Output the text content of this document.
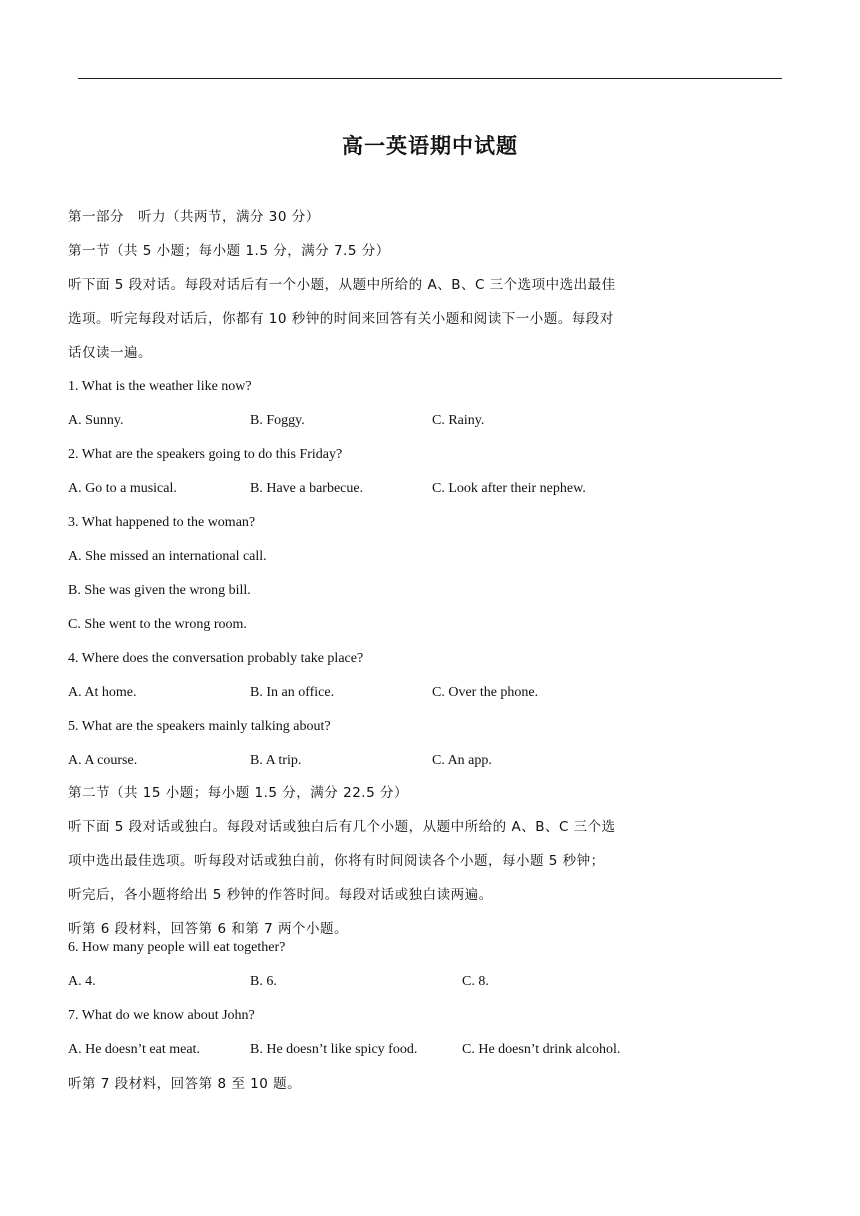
高一英语期中试题
第一部分　听力（共两节，满分 30 分）
第一节（共 5 小题；每小题 1.5 分，满分 7.5 分）
听下面 5 段对话。每段对话后有一个小题，从题中所给的 A、B、C 三个选项中选出最佳
选项。听完每段对话后，你都有 10 秒钟的时间来回答有关小题和阅读下一小题。每段对
话仅读一遍。
1. What is the weather like now?
A. Sunny.	B. Foggy.	C. Rainy.
2. What are the speakers going to do this Friday?
A. Go to a musical.	B. Have a barbecue.	C. Look after their nephew.
3. What happened to the woman?
A. She missed an international call.
B. She was given the wrong bill.
C. She went to the wrong room.
4. Where does the conversation probably take place?
A. At home.	B. In an office.	C. Over the phone.
5. What are the speakers mainly talking about?
A. A course.	B. A trip.	C. An app.
第二节（共 15 小题；每小题 1.5 分，满分 22.5 分）
听下面 5 段对话或独白。每段对话或独白后有几个小题，从题中所给的 A、B、C 三个选
项中选出最佳选项。听每段对话或独白前，你将有时间阅读各个小题，每小题 5 秒钟；
听完后，各小题将给出 5 秒钟的作答时间。每段对话或独白读两遍。
听第 6 段材料，回答第 6 和第 7 两个小题。
6. How many people will eat together?
A. 4.	B. 6.	C. 8.
7. What do we know about John?
A. He doesn’t eat meat.	B. He doesn’t like spicy food.	C. He doesn’t drink alcohol.
听第 7 段材料，回答第 8 至 10 题。
